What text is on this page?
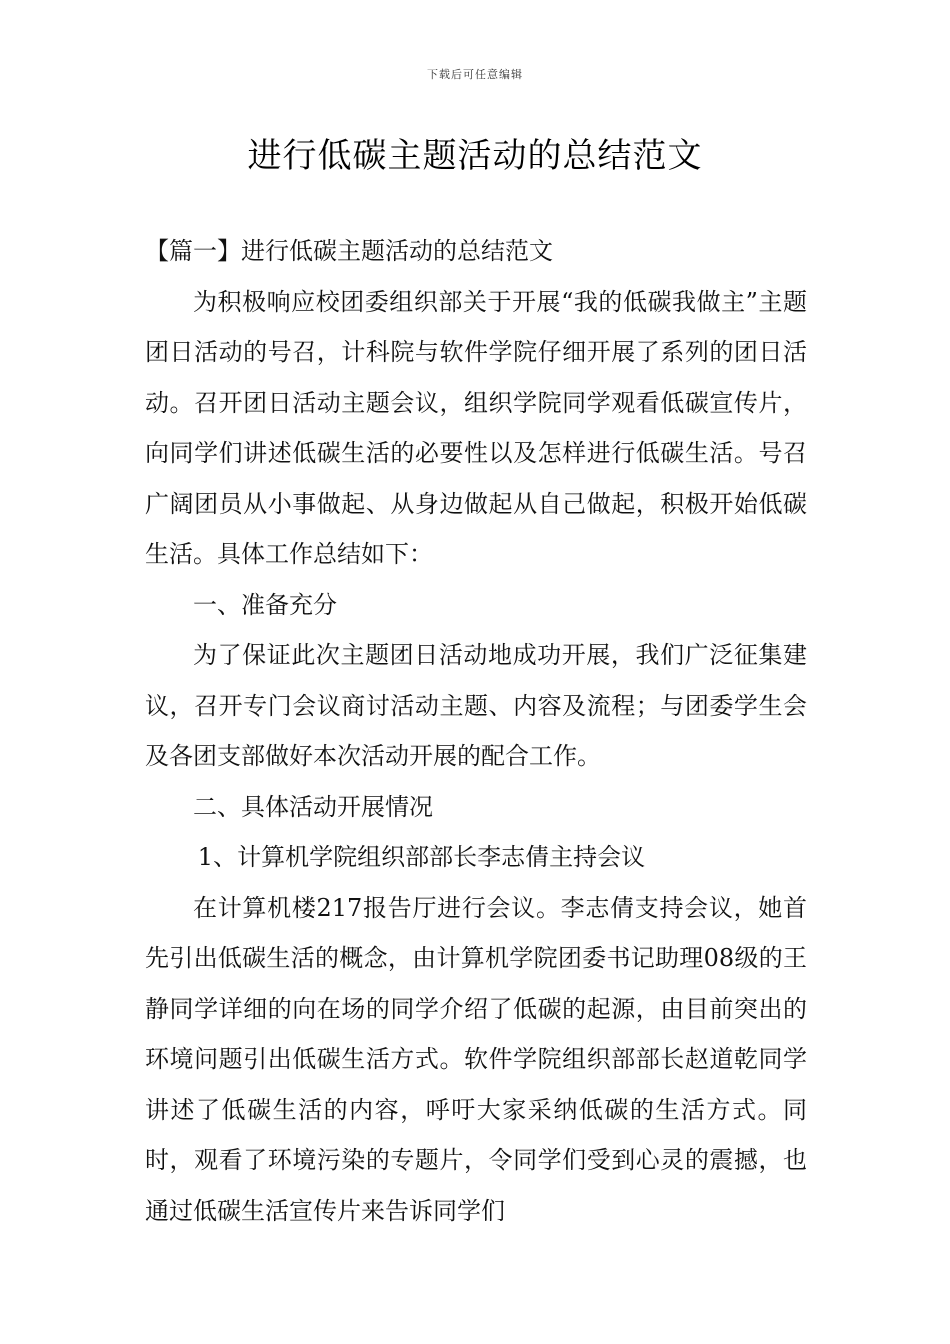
下载后可任意编辑
进行低碳主题活动的总结范文

【篇一】进行低碳主题活动的总结范文

为积极响应校团委组织部关于开展“我的低碳我做主”主题团日活动的号召，计科院与软件学院仔细开展了系列的团日活动。召开团日活动主题会议，组织学院同学观看低碳宣传片，向同学们讲述低碳生活的必要性以及怎样进行低碳生活。号召广阔团员从小事做起、从身边做起从自己做起，积极开始低碳生活。具体工作总结如下：

一、准备充分

为了保证此次主题团日活动地成功开展，我们广泛征集建议，召开专门会议商讨活动主题、内容及流程；与团委学生会及各团支部做好本次活动开展的配合工作。

二、具体活动开展情况

1、计算机学院组织部部长李志倩主持会议

在计算机楼217报告厅进行会议。李志倩支持会议，她首先引出低碳生活的概念，由计算机学院团委书记助理08级的王静同学详细的向在场的同学介绍了低碳的起源，由目前突出的环境问题引出低碳生活方式。软件学院组织部部长赵道乾同学讲述了低碳生活的内容，呼吁大家采纳低碳的生活方式。同时，观看了环境污染的专题片，令同学们受到心灵的震撼，也通过低碳生活宣传片来告诉同学们
